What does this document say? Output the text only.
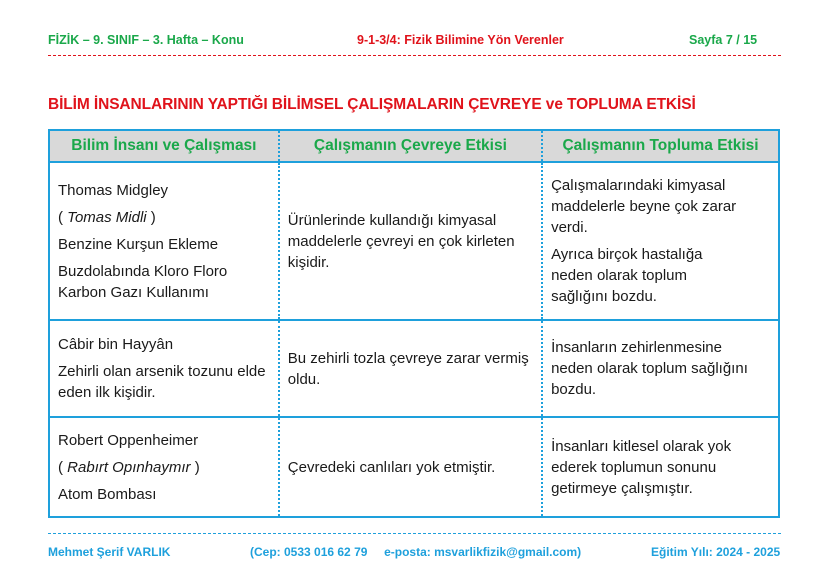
FİZİK – 9. SINIF – 3. Hafta – Konu	9-1-3/4: Fizik Bilimine Yön Verenler	Sayfa 7 / 15
BİLİM İNSANLARININ YAPTIĞI BİLİMSEL ÇALIŞMALARIN ÇEVREYE ve TOPLUMA ETKİSİ
Bilim İnsanı ve Çalışması	Çalışmanın Çevreye Etkisi	Çalışmanın Topluma Etkisi

Thomas Midgley
( Tomas Midli )
Benzine Kurşun Ekleme
Buzdolabında Kloro Floro Karbon Gazı Kullanımı	Ürünlerinde kullandığı kimyasal maddelerle çevreyi en çok kirleten kişidir.	Çalışmalarındaki kimyasal maddelerle beyne çok zarar verdi.
Ayrıca birçok hastalığa neden olarak toplum sağlığını bozdu.

Câbir bin Hayyân
Zehirli olan arsenik tozunu elde eden ilk kişidir.	Bu zehirli tozla çevreye zarar vermiş oldu.	İnsanların zehirlenmesine neden olarak toplum sağlığını bozdu.

Robert Oppenheimer
( Rabırt Opınhaymır )
Atom Bombası	Çevredeki canlıları yok etmiştir.	İnsanları kitlesel olarak yok ederek toplumun sonunu getirmeye çalışmıştır.
Mehmet Şerif VARLIK	(Cep: 0533 016 62 79     e-posta: msvarlikfizik@gmail.com)	Eğitim Yılı: 2024 - 2025
